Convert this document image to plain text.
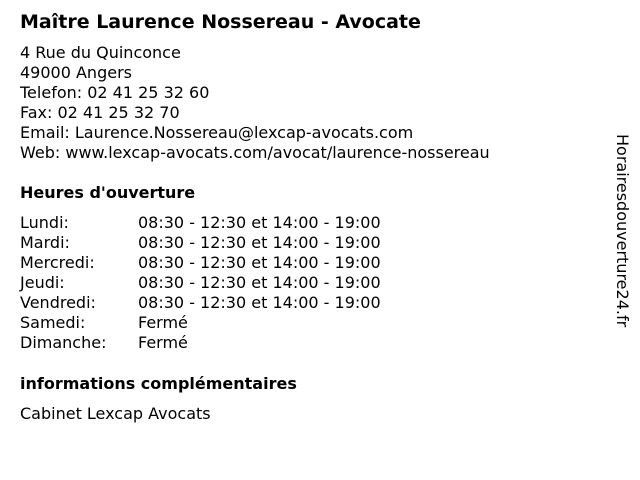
Maître Laurence Nossereau - Avocate
4 Rue du Quinconce
49000 Angers
Telefon: 02 41 25 32 60
Fax: 02 41 25 32 70
Email: Laurence.Nossereau@lexcap-avocats.com
Web: www.lexcap-avocats.com/avocat/laurence-nossereau
Heures d'ouverture
Lundi:	08:30 - 12:30 et 14:00 - 19:00
Mardi:	08:30 - 12:30 et 14:00 - 19:00
Mercredi:	08:30 - 12:30 et 14:00 - 19:00
Jeudi:	08:30 - 12:30 et 14:00 - 19:00
Vendredi:	08:30 - 12:30 et 14:00 - 19:00
Samedi:	Fermé
Dimanche:	Fermé
informations complémentaires
Cabinet Lexcap Avocats
Horairesdouverture24.fr
